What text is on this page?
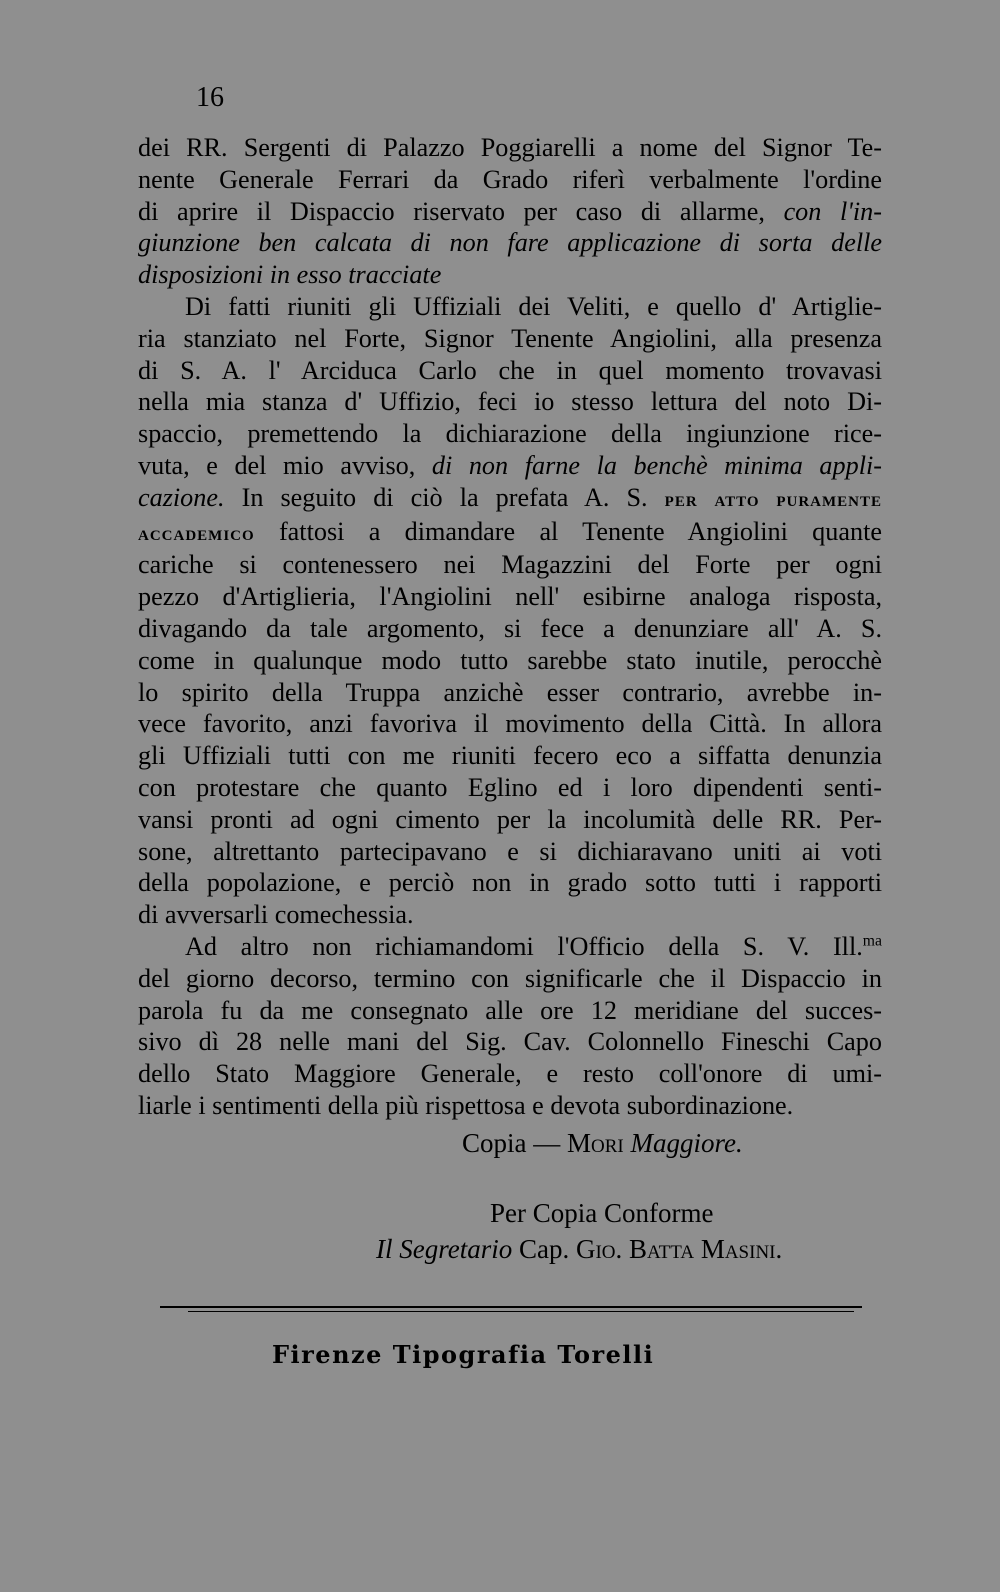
16
dei RR. Sergenti di Palazzo Poggiarelli a nome del Signor Te-
nente Generale Ferrari da Grado riferì verbalmente l'ordine
di aprire il Dispaccio riservato per caso di allarme, con l'in-
giunzione ben calcata di non fare applicazione di sorta delle
disposizioni in esso tracciate
Di fatti riuniti gli Uffiziali dei Veliti, e quello d' Artiglie-
ria stanziato nel Forte, Signor Tenente Angiolini, alla presenza
di S. A. l' Arciduca Carlo che in quel momento trovavasi
nella mia stanza d' Uffizio, feci io stesso lettura del noto Di-
spaccio, premettendo la dichiarazione della ingiunzione rice-
vuta, e del mio avviso, di non farne la benchè minima appli-
cazione. In seguito di ciò la prefata A. S. per atto puramente
accademico fattosi a dimandare al Tenente Angiolini quante
cariche si contenessero nei Magazzini del Forte per ogni
pezzo d'Artiglieria, l'Angiolini nell' esibirne analoga risposta,
divagando da tale argomento, si fece a denunziare all' A. S.
come in qualunque modo tutto sarebbe stato inutile, perocchè
lo spirito della Truppa anzichè esser contrario, avrebbe in-
vece favorito, anzi favoriva il movimento della Città. In allora
gli Uffiziali tutti con me riuniti fecero eco a siffatta denunzia
con protestare che quanto Eglino ed i loro dipendenti senti-
vansi pronti ad ogni cimento per la incolumità delle RR. Per-
sone, altrettanto partecipavano e si dichiaravano uniti ai voti
della popolazione, e perciò non in grado sotto tutti i rapporti
di avversarli comechessia.
Ad altro non richiamandomi l'Officio della S. V. Ill.$^{ma}$
del giorno decorso, termino con significarle che il Dispaccio in
parola fu da me consegnato alle ore 12 meridiane del succes-
sivo dì 28 nelle mani del Sig. Cav. Colonnello Fineschi Capo
dello Stato Maggiore Generale, e resto coll'onore di umi-
liarle i sentimenti della più rispettosa e devota subordinazione.
Copia — Mori Maggiore.
Per Copia Conforme
Il Segretario Cap. Gio. Batta Masini.
Firenze Tipografia Torelli
